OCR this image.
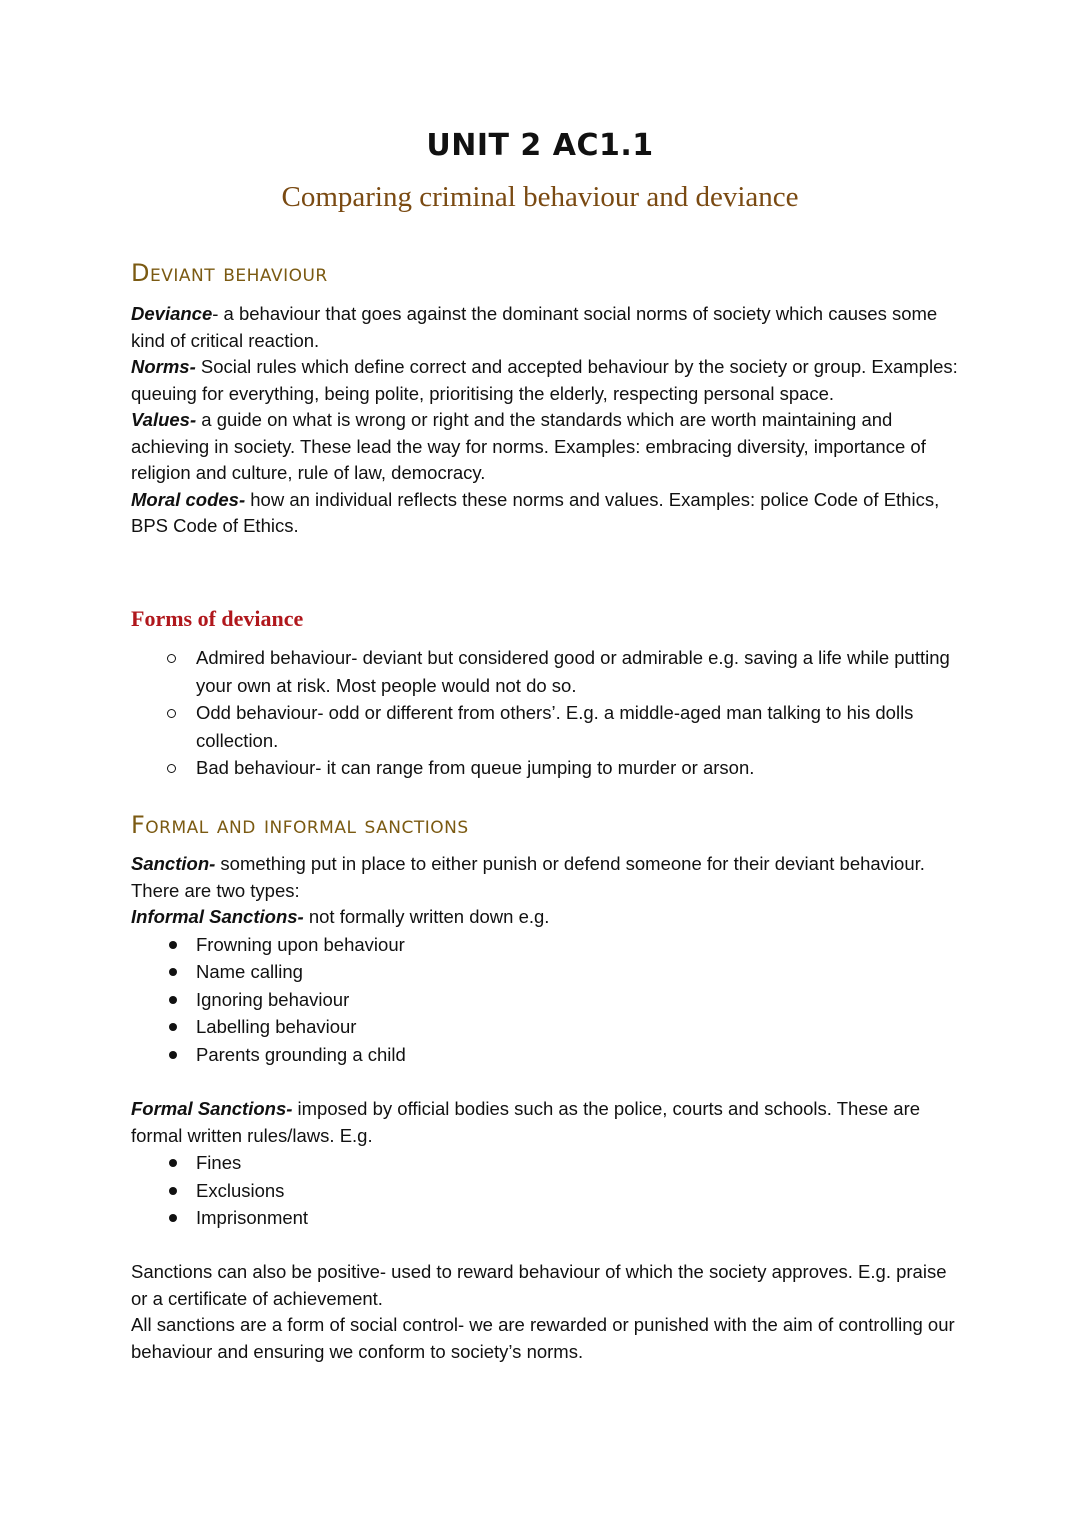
UNIT 2 AC1.1
Comparing criminal behaviour and deviance
Deviant behaviour

Deviance- a behaviour that goes against the dominant social norms of society which causes some kind of critical reaction.

Norms- Social rules which define correct and accepted behaviour by the society or group. Examples: queuing for everything, being polite, prioritising the elderly, respecting personal space.

Values- a guide on what is wrong or right and the standards which are worth maintaining and achieving in society. These lead the way for norms. Examples: embracing diversity, importance of religion and culture, rule of law, democracy.

Moral codes- how an individual reflects these norms and values. Examples: police Code of Ethics, BPS Code of Ethics.

Forms of deviance
Admired behaviour- deviant but considered good or admirable e.g. saving a life while putting your own at risk. Most people would not do so.
Odd behaviour- odd or different from others’. E.g. a middle-aged man talking to his dolls collection.
Bad behaviour- it can range from queue jumping to murder or arson.
Formal and informal sanctions

Sanction- something put in place to either punish or defend someone for their deviant behaviour. There are two types:

Informal Sanctions- not formally written down e.g.

Frowning upon behaviour
Name calling
Ignoring behaviour
Labelling behaviour
Parents grounding a child

Formal Sanctions- imposed by official bodies such as the police, courts and schools. These are formal written rules/laws. E.g.

Fines
Exclusions
Imprisonment

Sanctions can also be positive- used to reward behaviour of which the society approves. E.g. praise or a certificate of achievement.

All sanctions are a form of social control- we are rewarded or punished with the aim of controlling our behaviour and ensuring we conform to society’s norms.
